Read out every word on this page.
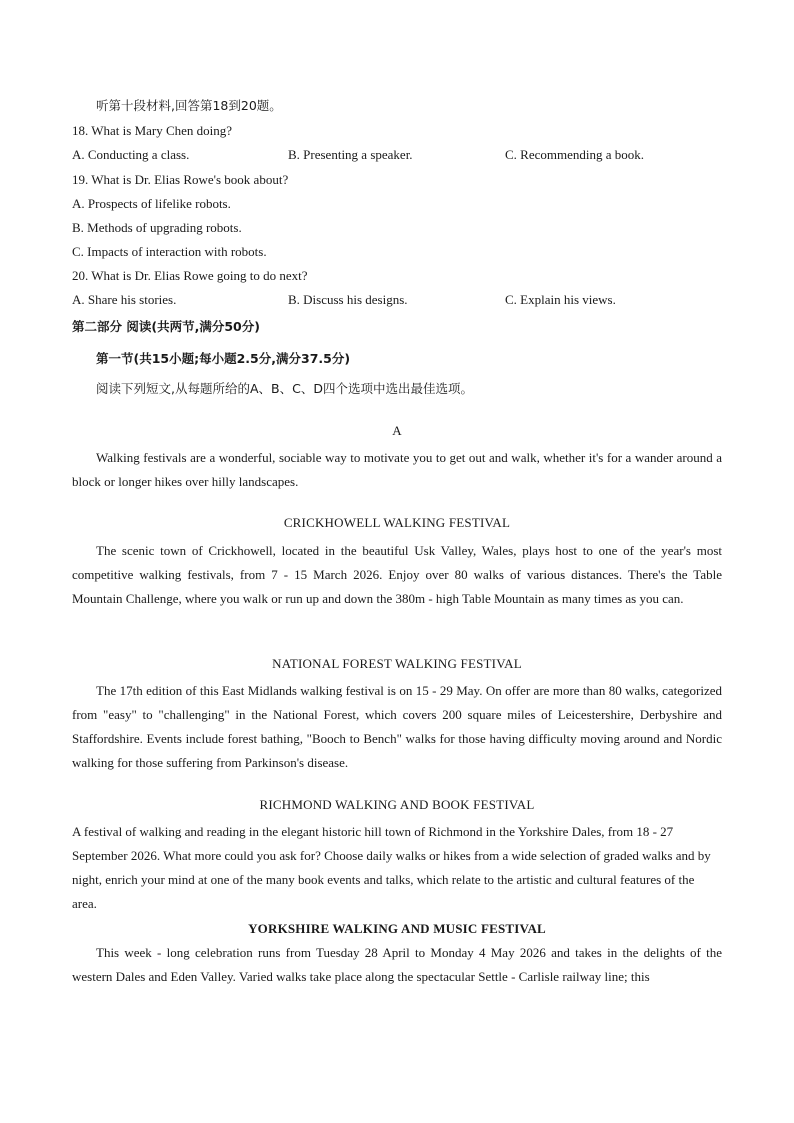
听第十段材料,回答第18到20题。
18. What is Mary Chen doing?
A. Conducting a class.	B. Presenting a speaker.	C. Recommending a book.
19. What is Dr. Elias Rowe's book about?
A. Prospects of lifelike robots.
B. Methods of upgrading robots.
C. Impacts of interaction with robots.
20. What is Dr. Elias Rowe going to do next?
A. Share his stories.	B. Discuss his designs.	C. Explain his views.
第二部分 阅读(共两节,满分50分)
第一节(共15小题;每小题2.5分,满分37.5分)
阅读下列短文,从每题所给的A、B、C、D四个选项中选出最佳选项。
A
Walking festivals are a wonderful, sociable way to motivate you to get out and walk, whether it's for a wander around a block or longer hikes over hilly landscapes.
CRICKHOWELL WALKING FESTIVAL
The scenic town of Crickhowell, located in the beautiful Usk Valley, Wales, plays host to one of the year's most competitive walking festivals, from 7 - 15 March 2026. Enjoy over 80 walks of various distances. There's the Table Mountain Challenge, where you walk or run up and down the 380m - high Table Mountain as many times as you can.
NATIONAL FOREST WALKING FESTIVAL
The 17th edition of this East Midlands walking festival is on 15 - 29 May. On offer are more than 80 walks, categorized from "easy" to "challenging" in the National Forest, which covers 200 square miles of Leicestershire, Derbyshire and Staffordshire. Events include forest bathing, "Booch to Bench" walks for those having difficulty moving around and Nordic walking for those suffering from Parkinson's disease.
RICHMOND WALKING AND BOOK FESTIVAL
A festival of walking and reading in the elegant historic hill town of Richmond in the Yorkshire Dales, from 18 - 27 September 2026. What more could you ask for? Choose daily walks or hikes from a wide selection of graded walks and by night, enrich your mind at one of the many book events and talks, which relate to the artistic and cultural features of the area.
YORKSHIRE WALKING AND MUSIC FESTIVAL
This week - long celebration runs from Tuesday 28 April to Monday 4 May 2026 and takes in the delights of the western Dales and Eden Valley. Varied walks take place along the spectacular Settle - Carlisle railway line; this
